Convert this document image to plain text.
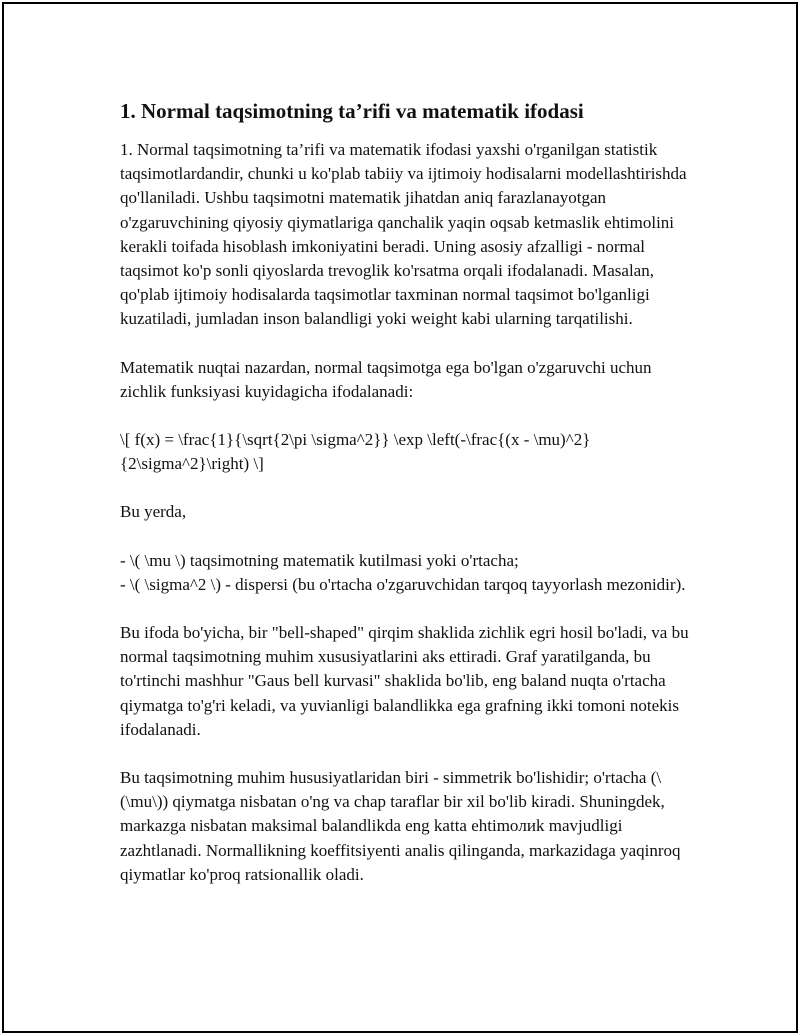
1. Normal taqsimotning ta’rifi va matematik ifodasi

1. Normal taqsimotning ta’rifi va matematik ifodasi yaxshi o'rganilgan statistik taqsimotlardandir, chunki u ko'plab tabiiy va ijtimoiy hodisalarni modellashtirishda qo'llaniladi. Ushbu taqsimotni matematik jihatdan aniq farazlanayotgan o'zgaruvchining qiyosiy qiymatlariga qanchalik yaqin oqsab ketmaslik ehtimolini kerakli toifada hisoblash imkoniyatini beradi. Uning asosiy afzalligi - normal taqsimot ko'p sonli qiyoslarda trevoglik ko'rsatma orqali ifodalanadi. Masalan, qo'plab ijtimoiy hodisalarda taqsimotlar taxminan normal taqsimot bo'lganligi kuzatiladi, jumladan inson balandligi yoki weight kabi ularning tarqatilishi.

Matematik nuqtai nazardan, normal taqsimotga ega bo'lgan o'zgaruvchi uchun zichlik funksiyasi kuyidagicha ifodalanadi:

\[ f(x) = \frac{1}{\sqrt{2\pi \sigma^2}} \exp \left(-\frac{(x - \mu)^2}{2\sigma^2}\right) \]

Bu yerda,

- \( \mu \) taqsimotning matematik kutilmasi yoki o'rtacha;
- \( \sigma^2 \) - dispersi (bu o'rtacha o'zgaruvchidan tarqoq tayyorlash mezonidir).

Bu ifoda bo'yicha, bir "bell-shaped" qirqim shaklida zichlik egri hosil bo'ladi, va bu normal taqsimotning muhim xususiyatlarini aks ettiradi. Graf yaratilganda, bu to'rtinchi mashhur "Gaus bell kurvasi" shaklida bo'lib, eng baland nuqta o'rtacha qiymatga to'g'ri keladi, va yuvianligi balandlikka ega grafning ikki tomoni notekis ifodalanadi.

Bu taqsimotning muhim hususiyatlaridan biri - simmetrik bo'lishidir; o'rtacha (\(\mu\)) qiymatga nisbatan o'ng va chap taraflar bir xil bo'lib kiradi. Shuningdek, markazga nisbatan maksimal balandlikda eng katta ehtimoлиk mavjudligi zazhtlanadi. Normallikning koeffitsiyenti analis qilinganda, markazidaga yaqinroq qiymatlar ko'proq ratsionallik oladi.
